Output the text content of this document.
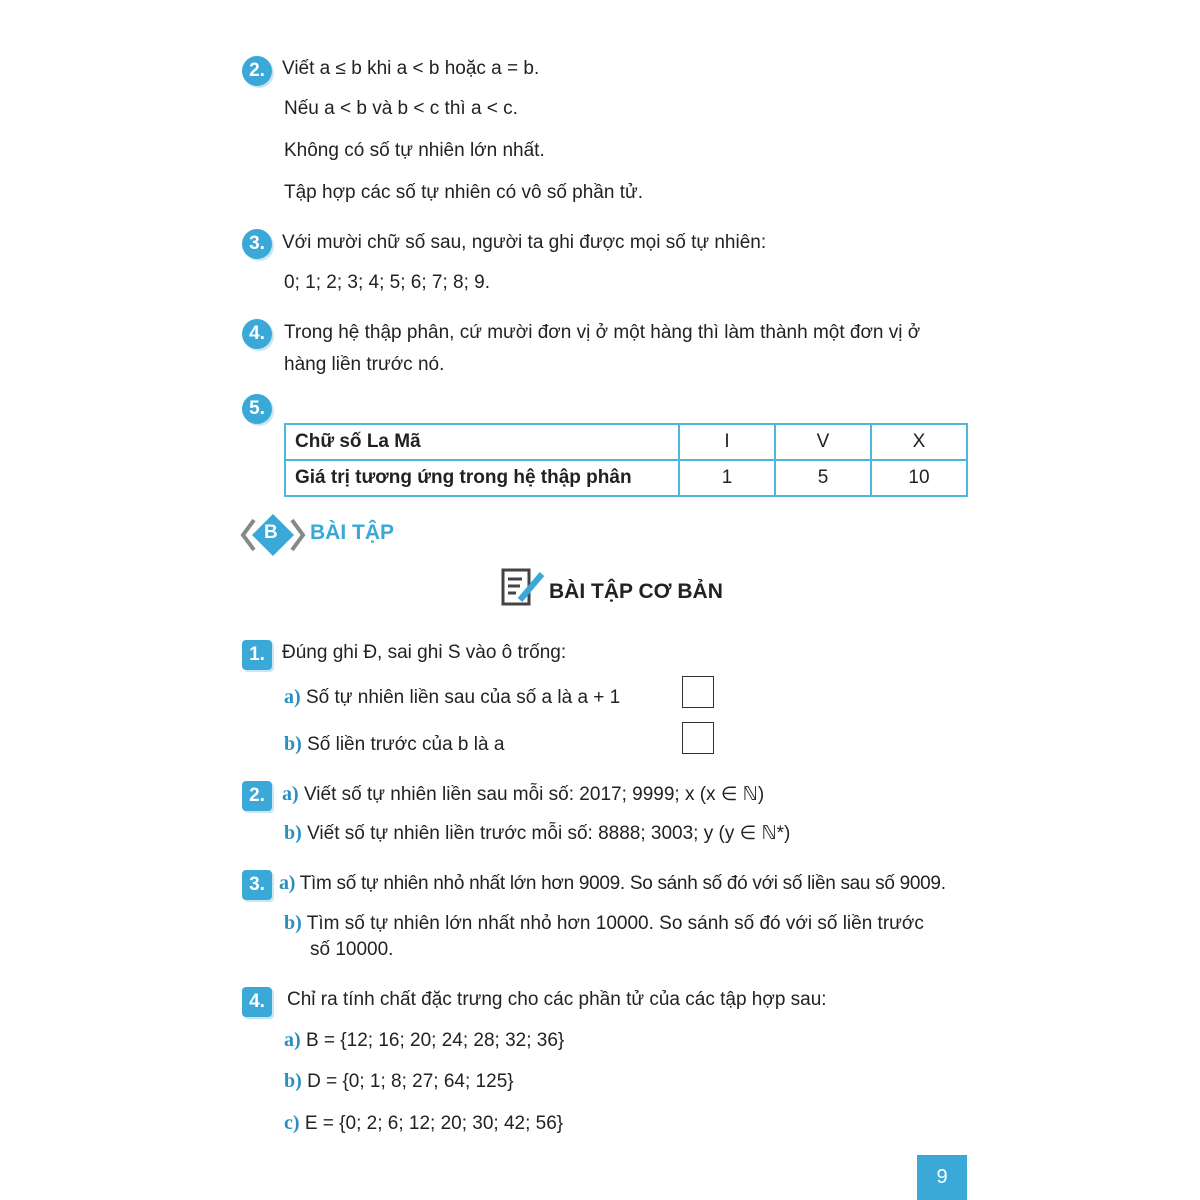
2. Viết a ≤ b khi a < b hoặc a = b.
Nếu a < b và b < c thì a < c.
Không có số tự nhiên lớn nhất.
Tập hợp các số tự nhiên có vô số phần tử.
3. Với mười chữ số sau, người ta ghi được mọi số tự nhiên:
0; 1; 2; 3; 4; 5; 6; 7; 8; 9.
4.	Trong hệ thập phân, cứ mười đơn vị ở một hàng thì làm thành một đơn vị ở
hàng liền trước nó.
5.
Chữ số La Mã	I	V	X
Giá trị tương ứng trong hệ thập phân	1	5	10
B BÀI TẬP
BÀI TẬP CƠ BẢN
1. Đúng ghi Đ, sai ghi S vào ô trống:
a) Số tự nhiên liền sau của số a là a + 1
b) Số liền trước của b là a
2. a) Viết số tự nhiên liền sau mỗi số: 2017; 9999; x (x ∈ ℕ)
b) Viết số tự nhiên liền trước mỗi số: 8888; 3003; y (y ∈ ℕ*)
3. a) Tìm số tự nhiên nhỏ nhất lớn hơn 9009. So sánh số đó với số liền sau số 9009.
b) Tìm số tự nhiên lớn nhất nhỏ hơn 10000. So sánh số đó với số liền trước
số 10000.
4.	Chỉ ra tính chất đặc trưng cho các phần tử của các tập hợp sau:
a) B = {12; 16; 20; 24; 28; 32; 36}
b) D = {0; 1; 8; 27; 64; 125}
c) E = {0; 2; 6; 12; 20; 30; 42; 56}
9
